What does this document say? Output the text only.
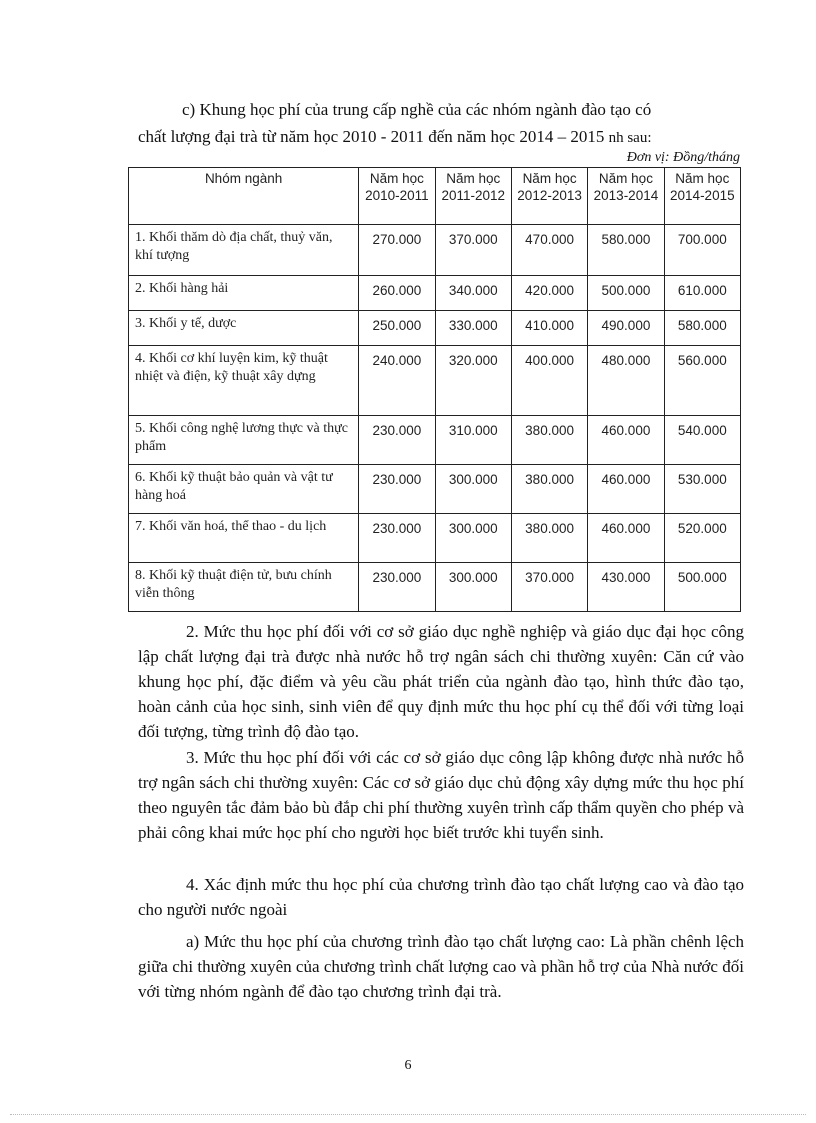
c) Khung học phí của trung cấp nghề của các nhóm ngành đào tạo có
chất lượng đại trà từ năm học 2010 - 2011 đến năm học 2014 – 2015 nh sau:
Đơn vị: Đồng/tháng
Nhóm ngành	Năm học 2010-2011	Năm học 2011-2012	Năm học 2012-2013	Năm học 2013-2014	Năm học 2014-2015
1. Khối thăm dò địa chất, thuỷ văn, khí tượng	270.000	370.000	470.000	580.000	700.000
2. Khối hàng hải	260.000	340.000	420.000	500.000	610.000
3. Khối y tế, dược	250.000	330.000	410.000	490.000	580.000
4. Khối cơ khí luyện kim, kỹ thuật nhiệt và điện, kỹ thuật xây dựng	240.000	320.000	400.000	480.000	560.000
5. Khối công nghệ lương thực và thực phẩm	230.000	310.000	380.000	460.000	540.000
6. Khối kỹ thuật bảo quản và vật tư hàng hoá	230.000	300.000	380.000	460.000	530.000
7. Khối văn hoá, thể thao - du lịch	230.000	300.000	380.000	460.000	520.000
8. Khối kỹ thuật điện tử, bưu chính viễn thông	230.000	300.000	370.000	430.000	500.000
2. Mức thu học phí đối với cơ sở giáo dục nghề nghiệp và giáo dục đại học công lập chất lượng đại trà được nhà nước hỗ trợ ngân sách chi thường xuyên: Căn cứ vào khung học phí, đặc điểm và yêu cầu phát triển của ngành đào tạo, hình thức đào tạo, hoàn cảnh của học sinh, sinh viên để quy định mức thu học phí cụ thể đối với từng loại đối tượng, từng trình độ đào tạo.
3. Mức thu học phí đối với các cơ sở giáo dục công lập không được nhà nước hỗ trợ ngân sách chi thường xuyên: Các cơ sở giáo dục chủ động xây dựng mức thu học phí theo nguyên tắc đảm bảo bù đắp chi phí thường xuyên trình cấp thẩm quyền cho phép và phải công khai mức học phí cho người học biết trước khi tuyển sinh.
4. Xác định mức thu học phí của chương trình đào tạo chất lượng cao và đào tạo cho người nước ngoài
a) Mức thu học phí của chương trình đào tạo chất lượng cao: Là phần chênh lệch giữa chi thường xuyên của chương trình chất lượng cao và phần hỗ trợ của Nhà nước đối với từng nhóm ngành để đào tạo chương trình đại trà.
6
